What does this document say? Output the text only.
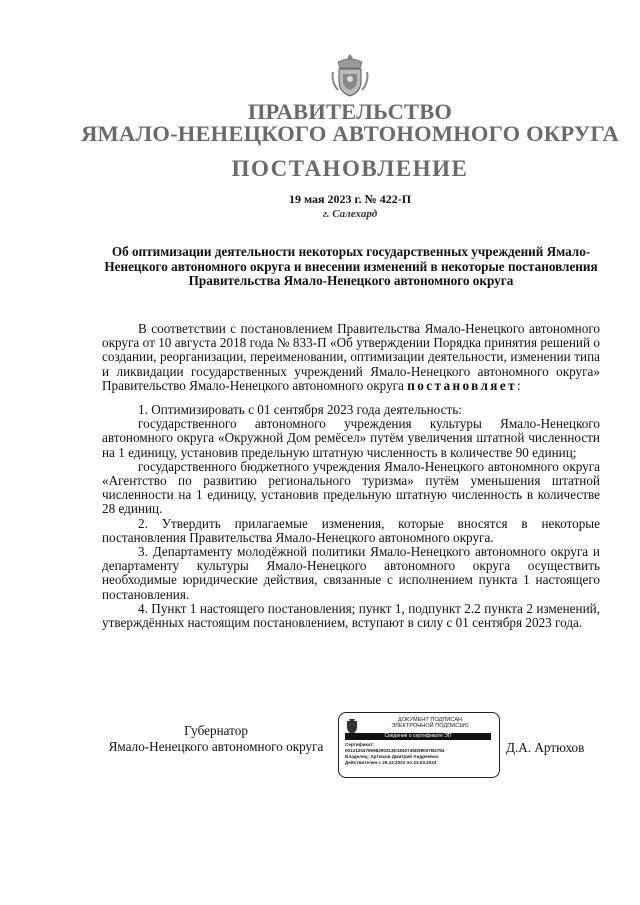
ПРАВИТЕЛЬСТВО
ЯМАЛО-НЕНЕЦКОГО АВТОНОМНОГО ОКРУГА
ПОСТАНОВЛЕНИЕ
19 мая 2023 г. № 422-П
г. Салехард
Об оптимизации деятельности некоторых государственных учреждений Ямало-Ненецкого автономного округа и внесении изменений в некоторые постановления Правительства Ямало-Ненецкого автономного округа

В соответствии с постановлением Правительства Ямало-Ненецкого автономного округа от 10 августа 2018 года № 833-П «Об утверждении Порядка принятия решений о создании, реорганизации, переименовании, оптимизации деятельности, изменении типа и ликвидации государственных учреждений Ямало-Ненецкого автономного округа» Правительство Ямало-Ненецкого автономного округа постановляет:

1. Оптимизировать с 01 сентября 2023 года деятельность:

государственного автономного учреждения культуры Ямало-Ненецкого автономного округа «Окружной Дом ремёсел» путём увеличения штатной численности на 1 единицу, установив предельную штатную численность в количестве 90 единиц;

государственного бюджетного учреждения Ямало-Ненецкого автономного округа «Агентство по развитию регионального туризма» путём уменьшения штатной численности на 1 единицу, установив предельную штатную численность в количестве 28 единиц.

2. Утвердить прилагаемые изменения, которые вносятся в некоторые постановления Правительства Ямало-Ненецкого автономного округа.

3. Департаменту молодёжной политики Ямало-Ненецкого автономного округа и департаменту культуры Ямало-Ненецкого автономного округа осуществить необходимые юридические действия, связанные с исполнением пункта 1 настоящего постановления.

4. Пункт 1 настоящего постановления; пункт 1, подпункт 2.2 пункта 2 изменений, утверждённых настоящим постановлением, вступают в силу с 01 сентября 2023 года.

Губернатор
Ямало-Ненецкого автономного округа
ДОКУМЕНТ ПОДПИСАН
ЭЛЕКТРОННОЙ ПОДПИСЬЮ
Сведения о сертификате ЭП
Сертификат:
0012125476998290313D1840745D98007B4784
Владелец: Артюхов Дмитрий Андреевич
Действителен с 29.12.2022 по 23.03.2024
Д.А. Артюхов
